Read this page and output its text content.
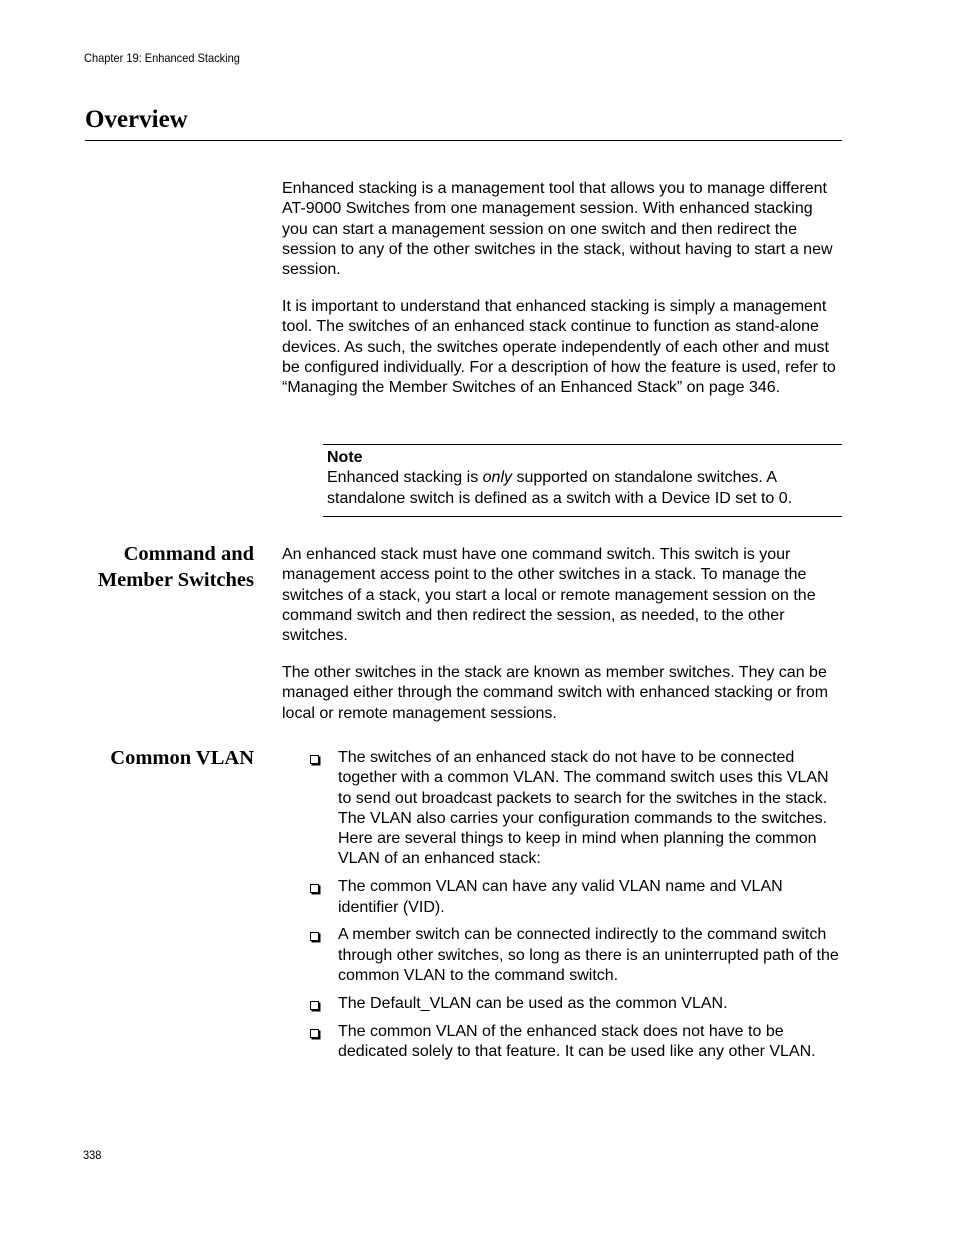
Chapter 19: Enhanced Stacking
Overview

Enhanced stacking is a management tool that allows you to manage different AT-9000 Switches from one management session. With enhanced stacking you can start a management session on one switch and then redirect the session to any of the other switches in the stack, without having to start a new session.

It is important to understand that enhanced stacking is simply a management tool. The switches of an enhanced stack continue to function as stand-alone devices. As such, the switches operate independently of each other and must be configured individually. For a description of how the feature is used, refer to “Managing the Member Switches of an Enhanced Stack” on page 346.

Note
Enhanced stacking is only supported on standalone switches. A standalone switch is defined as a switch with a Device ID set to 0.
Command and
Member Switches

An enhanced stack must have one command switch. This switch is your management access point to the other switches in a stack. To manage the switches of a stack, you start a local or remote management session on the command switch and then redirect the session, as needed, to the other switches.

The other switches in the stack are known as member switches. They can be managed either through the command switch with enhanced stacking or from local or remote management sessions.

Common VLAN	The switches of an enhanced stack do not have to be connected together with a common VLAN. The command switch uses this VLAN to send out broadcast packets to search for the switches in the stack. The VLAN also carries your configuration commands to the switches. Here are several things to keep in mind when planning the common VLAN of an enhanced stack:
The common VLAN can have any valid VLAN name and VLAN identifier (VID).
A member switch can be connected indirectly to the command switch through other switches, so long as there is an uninterrupted path of the common VLAN to the command switch.
The Default_VLAN can be used as the common VLAN.
The common VLAN of the enhanced stack does not have to be dedicated solely to that feature. It can be used like any other VLAN.
338
